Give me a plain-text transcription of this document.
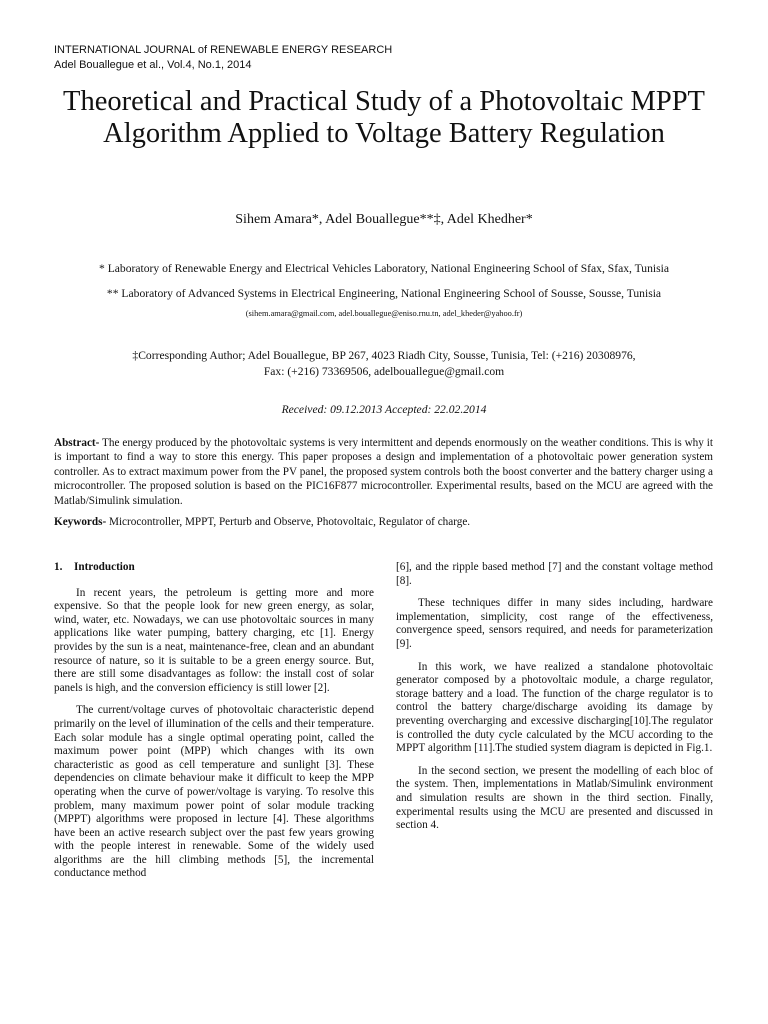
INTERNATIONAL JOURNAL of RENEWABLE ENERGY RESEARCH
Adel Bouallegue et al., Vol.4, No.1, 2014
Theoretical and Practical Study of a Photovoltaic MPPT Algorithm Applied to Voltage Battery Regulation
Sihem Amara*, Adel Bouallegue**‡, Adel Khedher*
* Laboratory of Renewable Energy and Electrical Vehicles Laboratory, National Engineering School of Sfax, Sfax, Tunisia
** Laboratory of Advanced Systems in Electrical Engineering, National Engineering School of Sousse, Sousse, Tunisia
(sihem.amara@gmail.com, adel.bouallegue@eniso.rnu.tn, adel_kheder@yahoo.fr)
‡Corresponding Author; Adel Bouallegue, BP 267, 4023 Riadh City, Sousse, Tunisia, Tel: (+216) 20308976,
Fax: (+216) 73369506, adelbouallegue@gmail.com
Received: 09.12.2013 Accepted: 22.02.2014
Abstract- The energy produced by the photovoltaic systems is very intermittent and depends enormously on the weather conditions. This is why it is important to find a way to store this energy. This paper proposes a design and implementation of a photovoltaic power generation system controller. As to extract maximum power from the PV panel, the proposed system controls both the boost converter and the battery charger using a microcontroller. The proposed solution is based on the PIC16F877 microcontroller. Experimental results, based on the MCU are agreed with the Matlab/Simulink simulation.
Keywords- Microcontroller, MPPT, Perturb and Observe, Photovoltaic, Regulator of charge.
1. Introduction

In recent years, the petroleum is getting more and more expensive. So that the people look for new green energy, as solar, wind, water, etc. Nowadays, we can use photovoltaic sources in many applications like water pumping, battery charging, etc [1]. Energy provides by the sun is a neat, maintenance-free, clean and an abundant resource of nature, so it is suitable to be a green energy source. But, there are still some disadvantages as follow: the install cost of solar panels is high, and the conversion efficiency is still lower [2].

The current/voltage curves of photovoltaic characteristic depend primarily on the level of illumination of the cells and their temperature. Each solar module has a single optimal operating point, called the maximum power point (MPP) which changes with its own characteristic as good as cell temperature and sunlight [3]. These dependencies on climate behaviour make it difficult to keep the MPP operating when the curve of power/voltage is varying. To resolve this problem, many maximum power point of solar module tracking (MPPT) algorithms were proposed in lecture [4]. These algorithms have been an active research subject over the past few years growing with the people interest in renewable. Some of the widely used algorithms are the hill climbing methods [5], the incremental conductance method

[6], and the ripple based method [7] and the constant voltage method [8].

These techniques differ in many sides including, hardware implementation, simplicity, cost range of the effectiveness, convergence speed, sensors required, and needs for parameterization [9].

In this work, we have realized a standalone photovoltaic generator composed by a photovoltaic module, a charge regulator, storage battery and a load. The function of the charge regulator is to control the battery charge/discharge avoiding its damage by preventing overcharging and excessive discharging[10].The regulator is controlled the duty cycle calculated by the MCU according to the MPPT algorithm [11].The studied system diagram is depicted in Fig.1.

In the second section, we present the modelling of each bloc of the system. Then, implementations in Matlab/Simulink environment and simulation results are shown in the third section. Finally, experimental results using the MCU are presented and discussed in section 4.
